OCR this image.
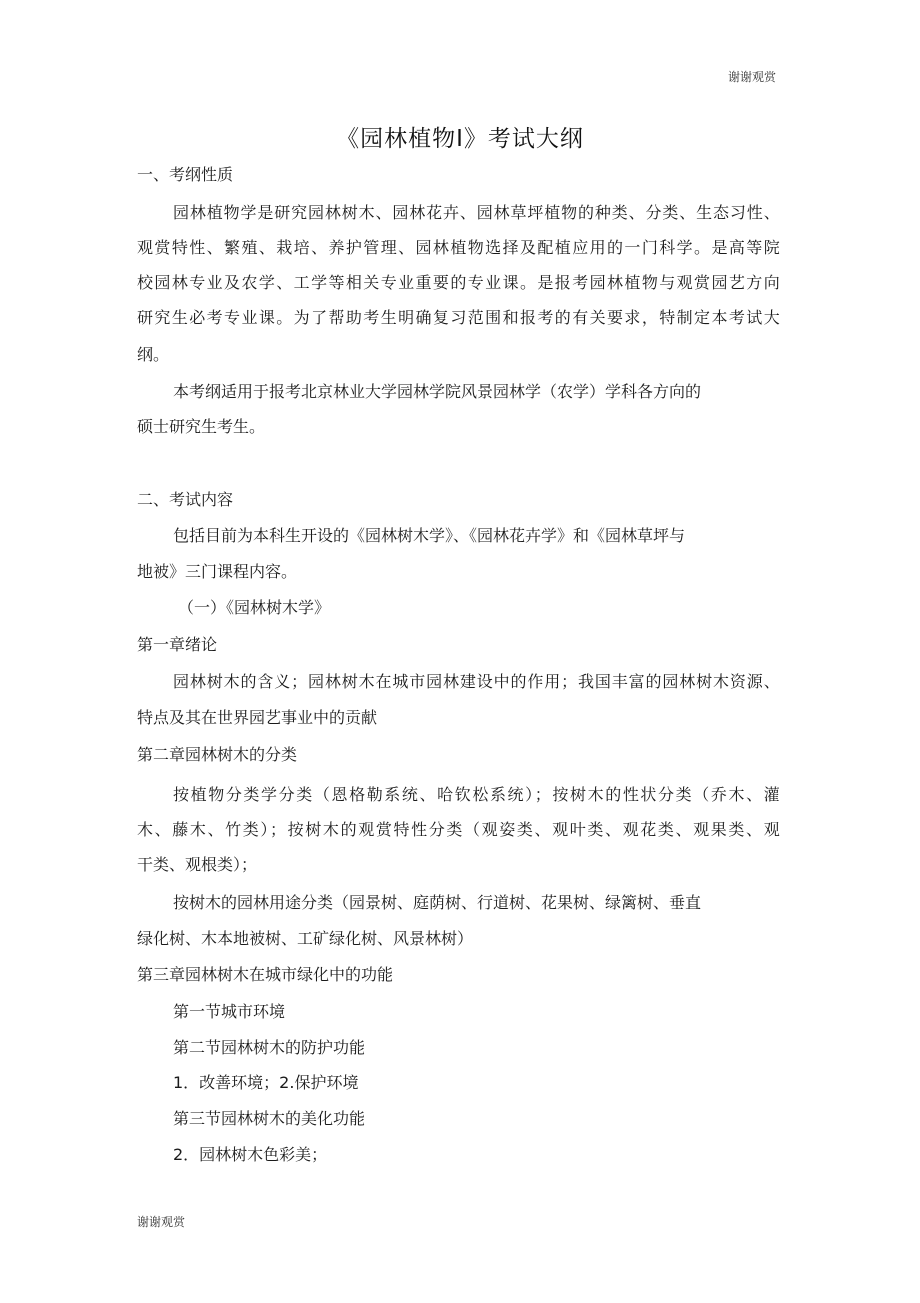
谢谢观赏
《园林植物Ⅰ》考试大纲
一、考纲性质
园林植物学是研究园林树木、园林花卉、园林草坪植物的种类、分类、生态习性、
观赏特性、繁殖、栽培、养护管理、园林植物选择及配植应用的一门科学。是高等院
校园林专业及农学、工学等相关专业重要的专业课。是报考园林植物与观赏园艺方向
研究生必考专业课。为了帮助考生明确复习范围和报考的有关要求，特制定本考试大
纲。
本考纲适用于报考北京林业大学园林学院风景园林学（农学）学科各方向的
硕士研究生考生。
二、考试内容
包括目前为本科生开设的《园林树木学》、《园林花卉学》和《园林草坪与
地被》三门课程内容。
（一）《园林树木学》
第一章绪论
园林树木的含义；园林树木在城市园林建设中的作用；我国丰富的园林树木资源、
特点及其在世界园艺事业中的贡献
第二章园林树木的分类
按植物分类学分类（恩格勒系统、哈钦松系统）；按树木的性状分类（乔木、灌
木、藤木、竹类）；按树木的观赏特性分类（观姿类、观叶类、观花类、观果类、观
干类、观根类）；
按树木的园林用途分类（园景树、庭荫树、行道树、花果树、绿篱树、垂直
绿化树、木本地被树、工矿绿化树、风景林树）
第三章园林树木在城市绿化中的功能
第一节城市环境
第二节园林树木的防护功能
1．改善环境；2.保护环境
第三节园林树木的美化功能
2．园林树木色彩美；
谢谢观赏
